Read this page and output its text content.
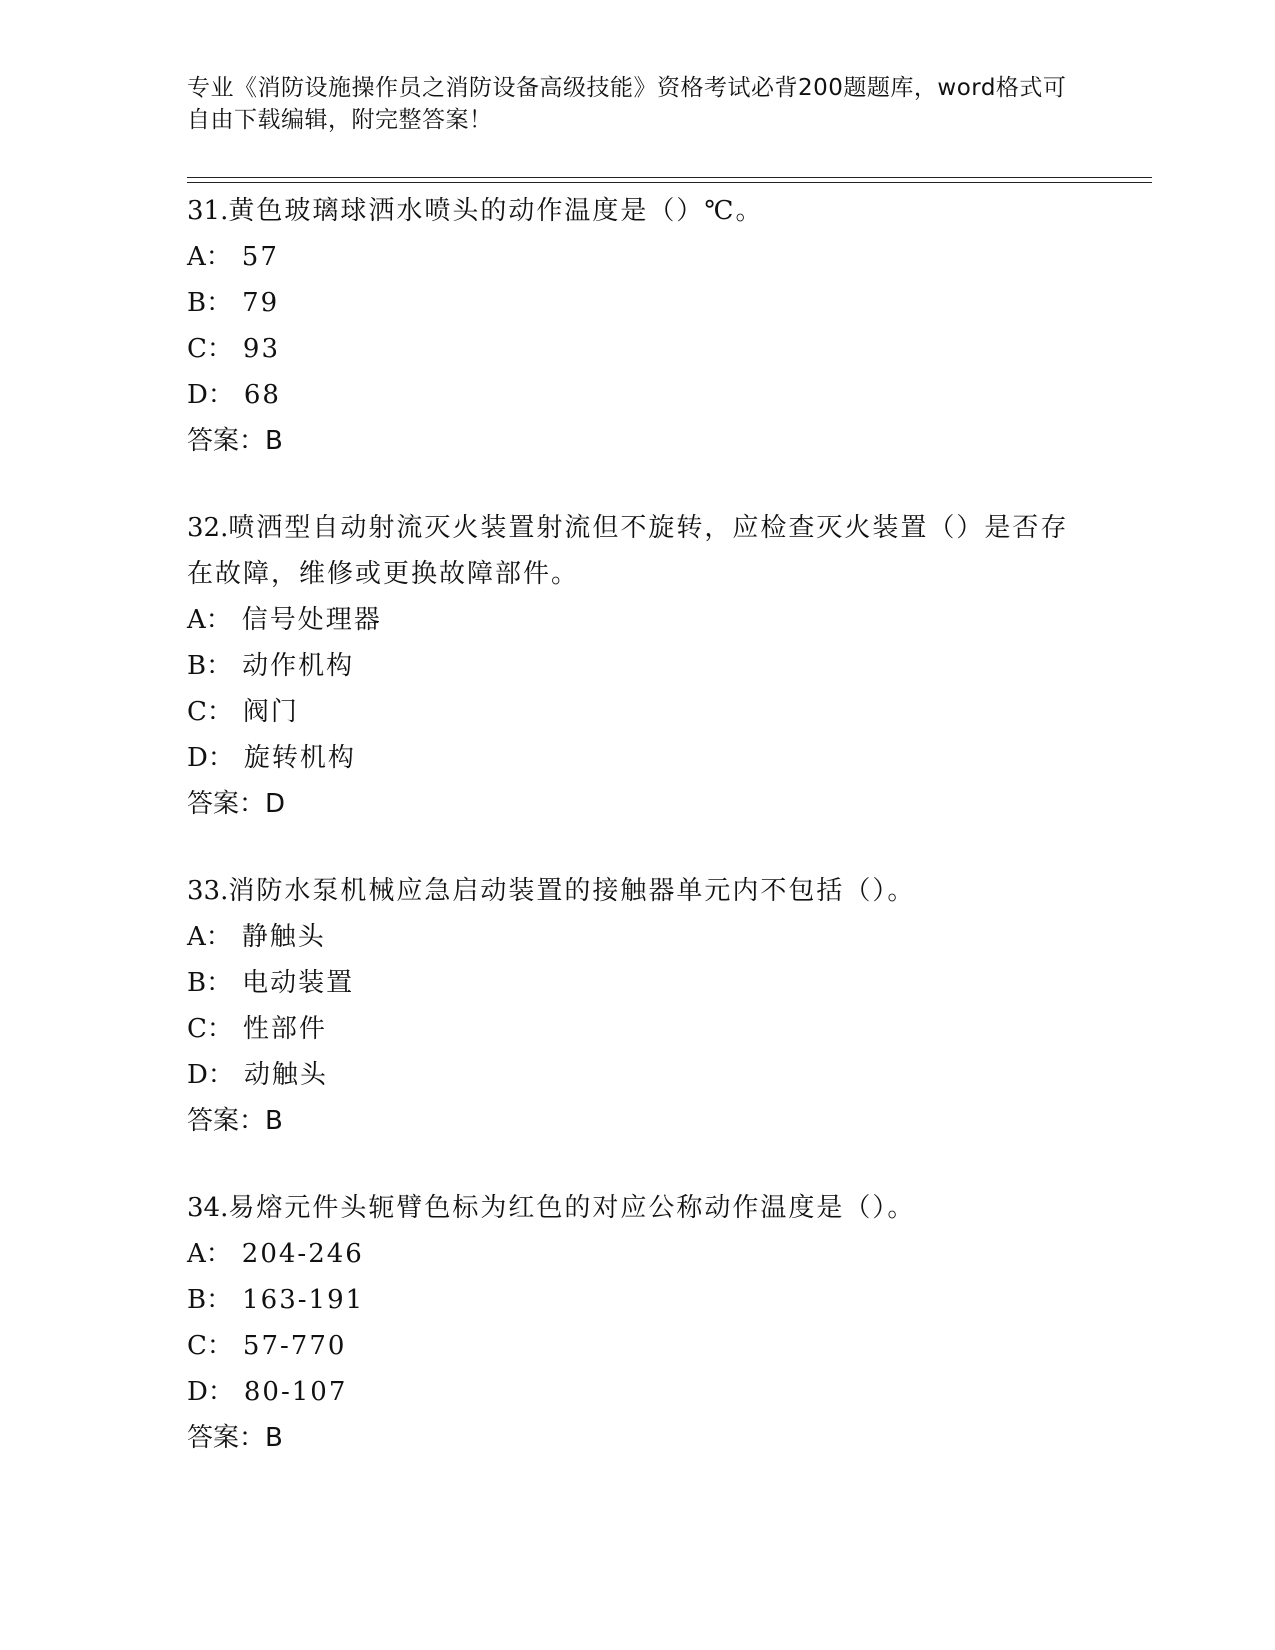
专业《消防设施操作员之消防设备高级技能》资格考试必背200题题库，word格式可自由下载编辑，附完整答案！

31.黄色玻璃球洒水喷头的动作温度是（）℃。

A： 57

B： 79

C： 93

D： 68

答案：B

32.喷洒型自动射流灭火装置射流但不旋转，应检查灭火装置（）是否存在故障，维修或更换故障部件。

A： 信号处理器

B： 动作机构

C： 阀门

D： 旋转机构

答案：D

33.消防水泵机械应急启动装置的接触器单元内不包括（）。

A： 静触头

B： 电动装置

C： 性部件

D： 动触头

答案：B

34.易熔元件头轭臂色标为红色的对应公称动作温度是（）。

A： 204-246

B： 163-191

C： 57-770

D： 80-107

答案：B
